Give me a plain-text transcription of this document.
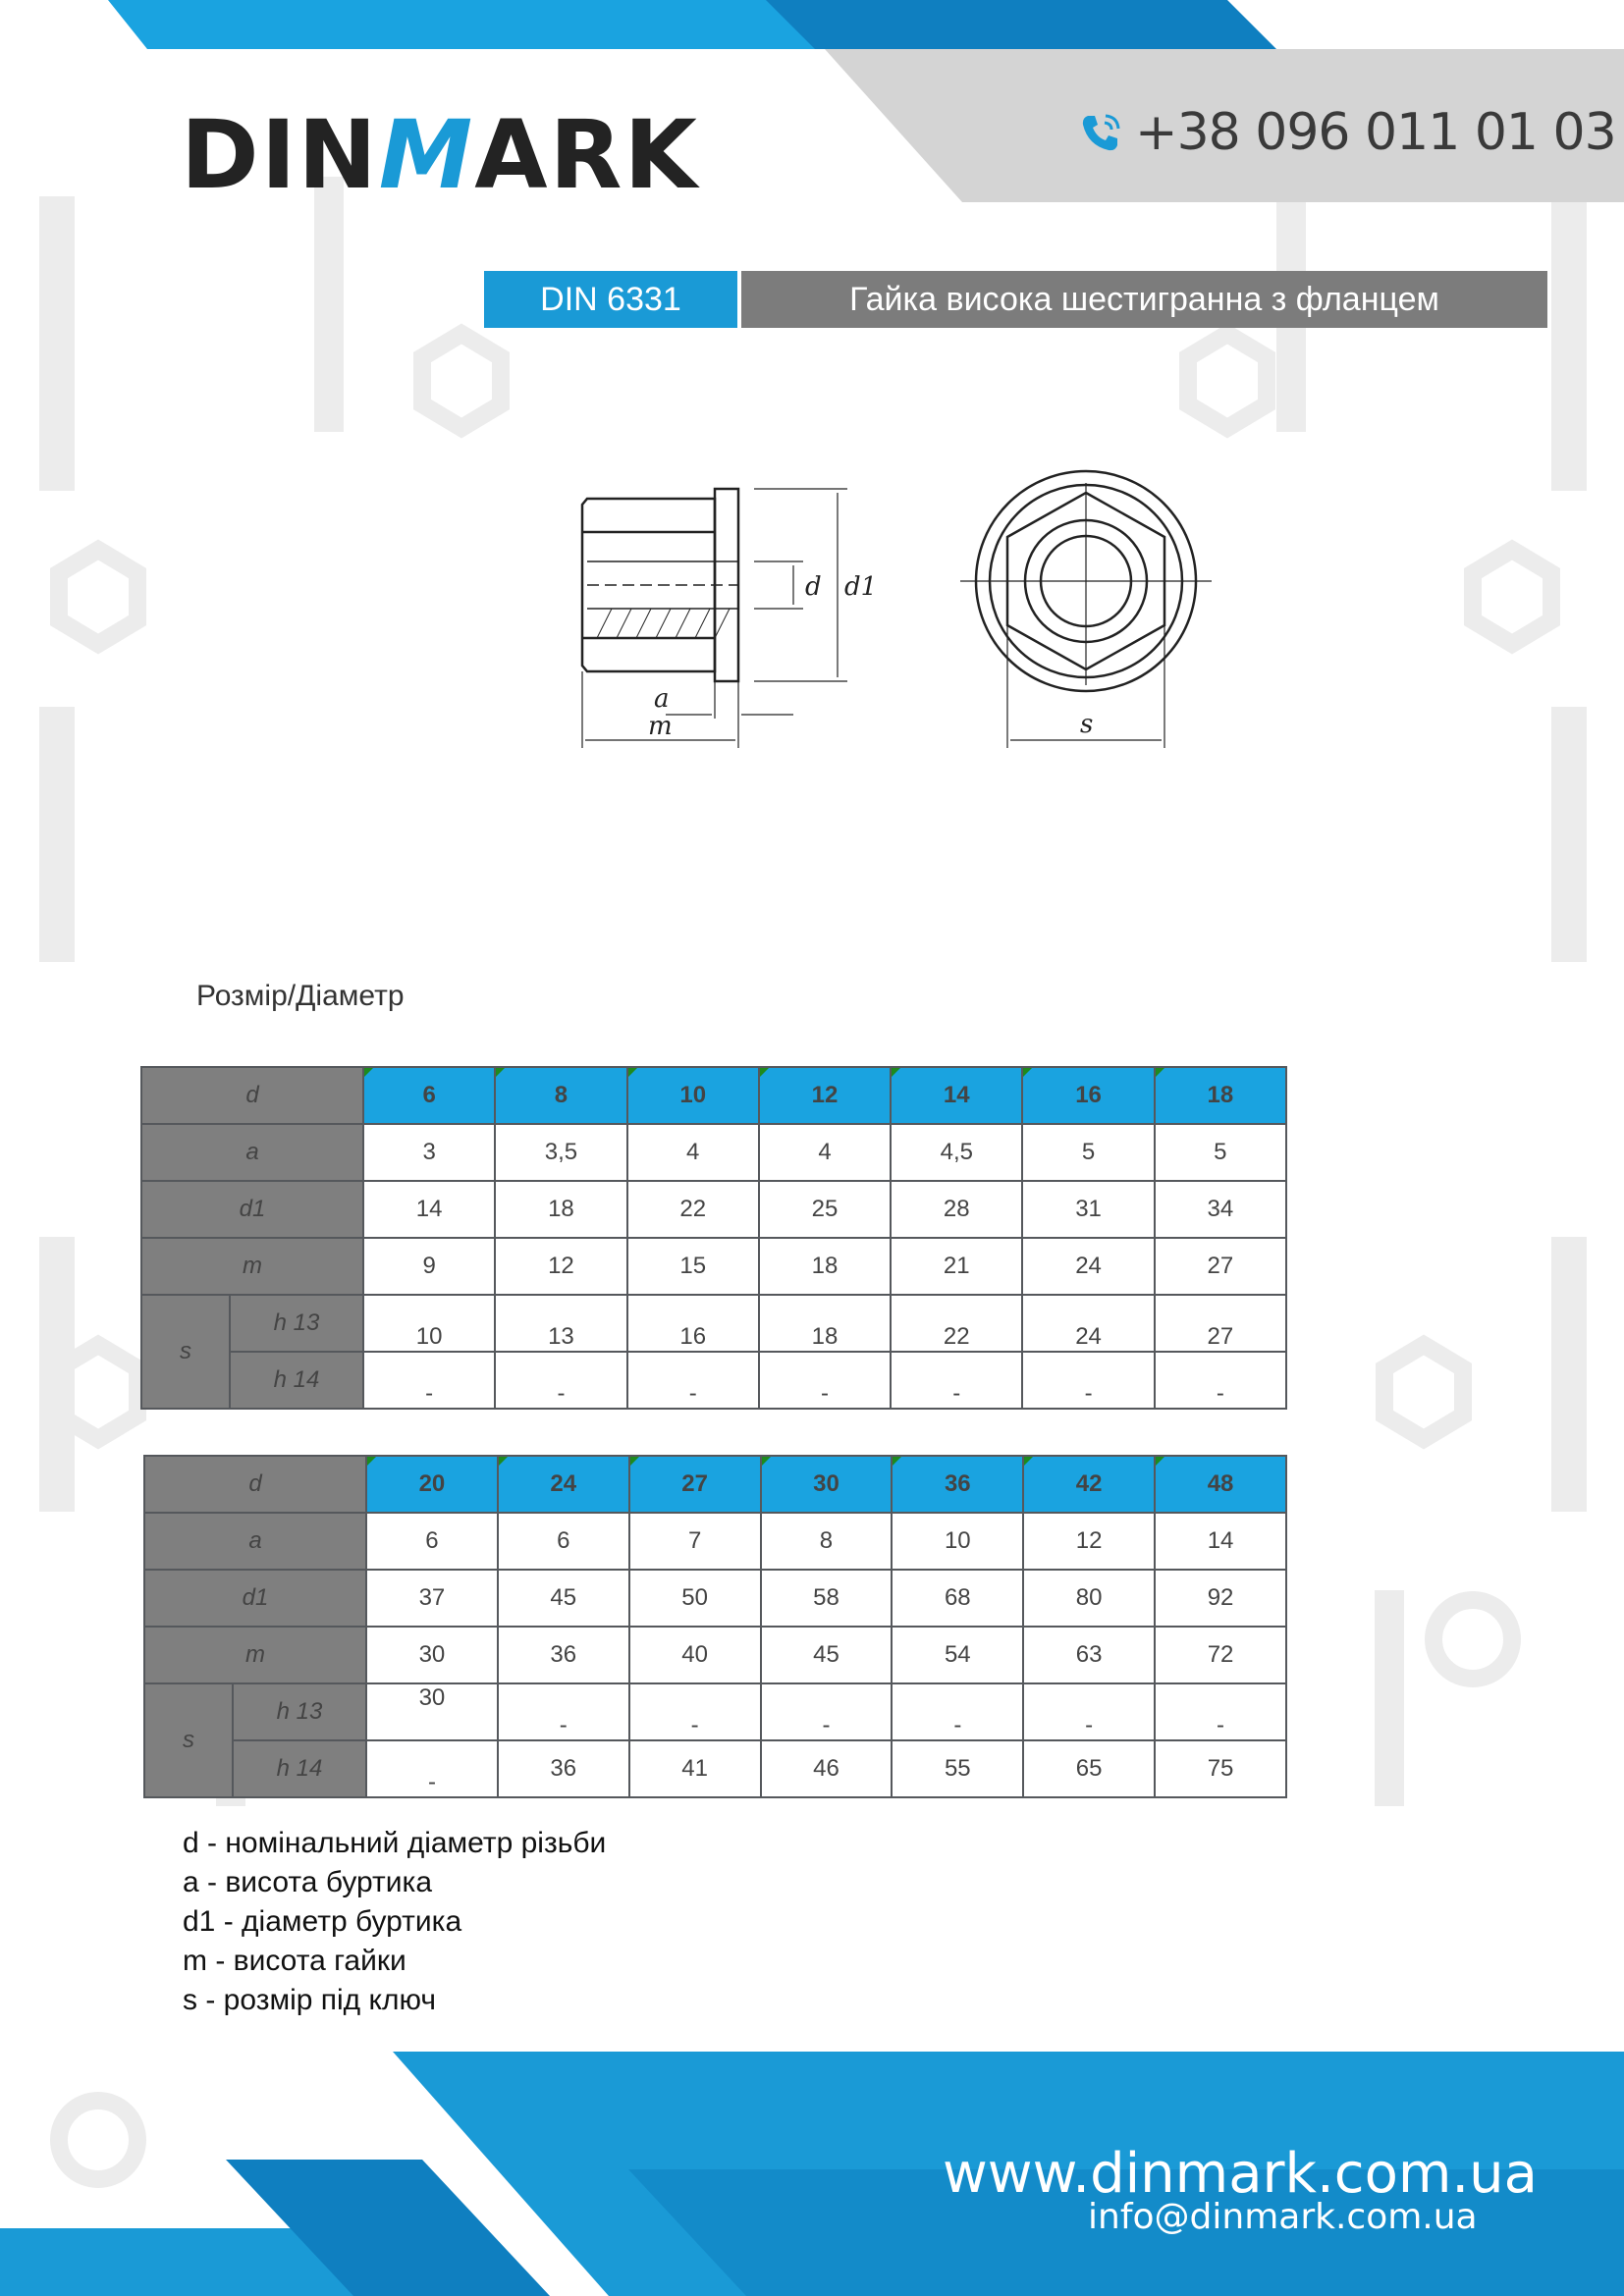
DINMARK	+38 096 011 01 03
DIN 6331	Гайка висока шестигранна з фланцем
a
m
d d1
s
Розмір/Діаметр
d		6	8	10	12	14	16	18
a		3	3,5	4	4	4,5	5	5
d1		14	18	22	25	28	31	34
m		9	12	15	18	21	24	27
s	h 13	10	13	16	18	22	24	27
	h 14	-	-	-	-	-	-	-
d		20	24	27	30	36	42	48
a		6	6	7	8	10	12	14
d1		37	45	50	58	68	80	92
m		30	36	40	45	54	63	72
s	h 13	30	-	-	-	-	-	-
	h 14	-	36	41	46	55	65	75
d - номінальний діаметр різьби
a - висота буртика
d1 - діаметр буртика
m - висота гайки
s - розмір під ключ
www.dinmark.com.ua
info@dinmark.com.ua
